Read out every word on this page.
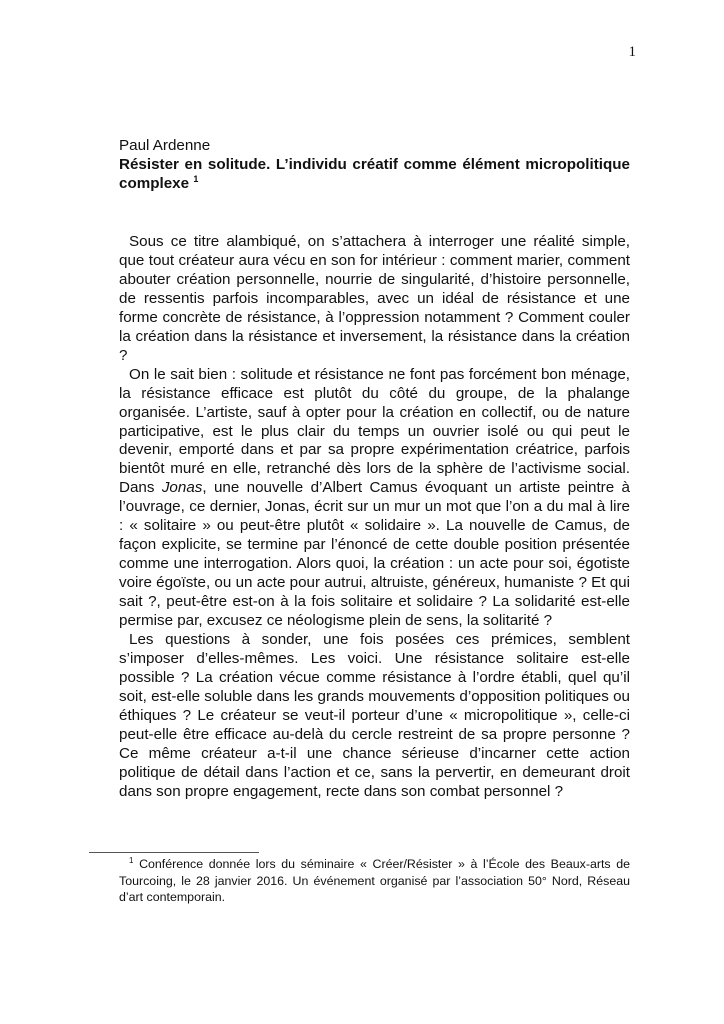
1
Paul Ardenne
Résister en solitude. L’individu créatif comme élément micropolitique complexe $^1$

Sous ce titre alambiqué, on s’attachera à interroger une réalité simple, que tout créateur aura vécu en son for intérieur : comment marier, comment abouter création personnelle, nourrie de singularité, d’histoire personnelle, de ressentis parfois incomparables, avec un idéal de résistance et une forme concrète de résistance, à l’oppression notamment ? Comment couler la création dans la résistance et inversement, la résistance dans la création ?

On le sait bien : solitude et résistance ne font pas forcément bon ménage, la résistance efficace est plutôt du côté du groupe, de la phalange organisée. L’artiste, sauf à opter pour la création en collectif, ou de nature participative, est le plus clair du temps un ouvrier isolé ou qui peut le devenir, emporté dans et par sa propre expérimentation créatrice, parfois bientôt muré en elle, retranché dès lors de la sphère de l’activisme social. Dans Jonas, une nouvelle d’Albert Camus évoquant un artiste peintre à l’ouvrage, ce dernier, Jonas, écrit sur un mur un mot que l’on a du mal à lire : « solitaire » ou peut-être plutôt « solidaire ». La nouvelle de Camus, de façon explicite, se termine par l’énoncé de cette double position présentée comme une interrogation. Alors quoi, la création : un acte pour soi, égotiste voire égoïste, ou un acte pour autrui, altruiste, généreux, humaniste ? Et qui sait ?, peut-être est-on à la fois solitaire et solidaire ? La solidarité est-elle permise par, excusez ce néologisme plein de sens, la solitarité ?

Les questions à sonder, une fois posées ces prémices, semblent s’imposer d’elles-mêmes. Les voici. Une résistance solitaire est-elle possible ? La création vécue comme résistance à l’ordre établi, quel qu’il soit, est-elle soluble dans les grands mouvements d’opposition politiques ou éthiques ? Le créateur se veut-il porteur d’une « micropolitique », celle-ci peut-elle être efficace au-delà du cercle restreint de sa propre personne ? Ce même créateur a-t-il une chance sérieuse d’incarner cette action politique de détail dans l’action et ce, sans la pervertir, en demeurant droit dans son propre engagement, recte dans son combat personnel ?

$^1$ Conférence donnée lors du séminaire « Créer/Résister » à l’École des Beaux-arts de Tourcoing, le 28 janvier 2016. Un événement organisé par l’association 50° Nord, Réseau d’art contemporain.
